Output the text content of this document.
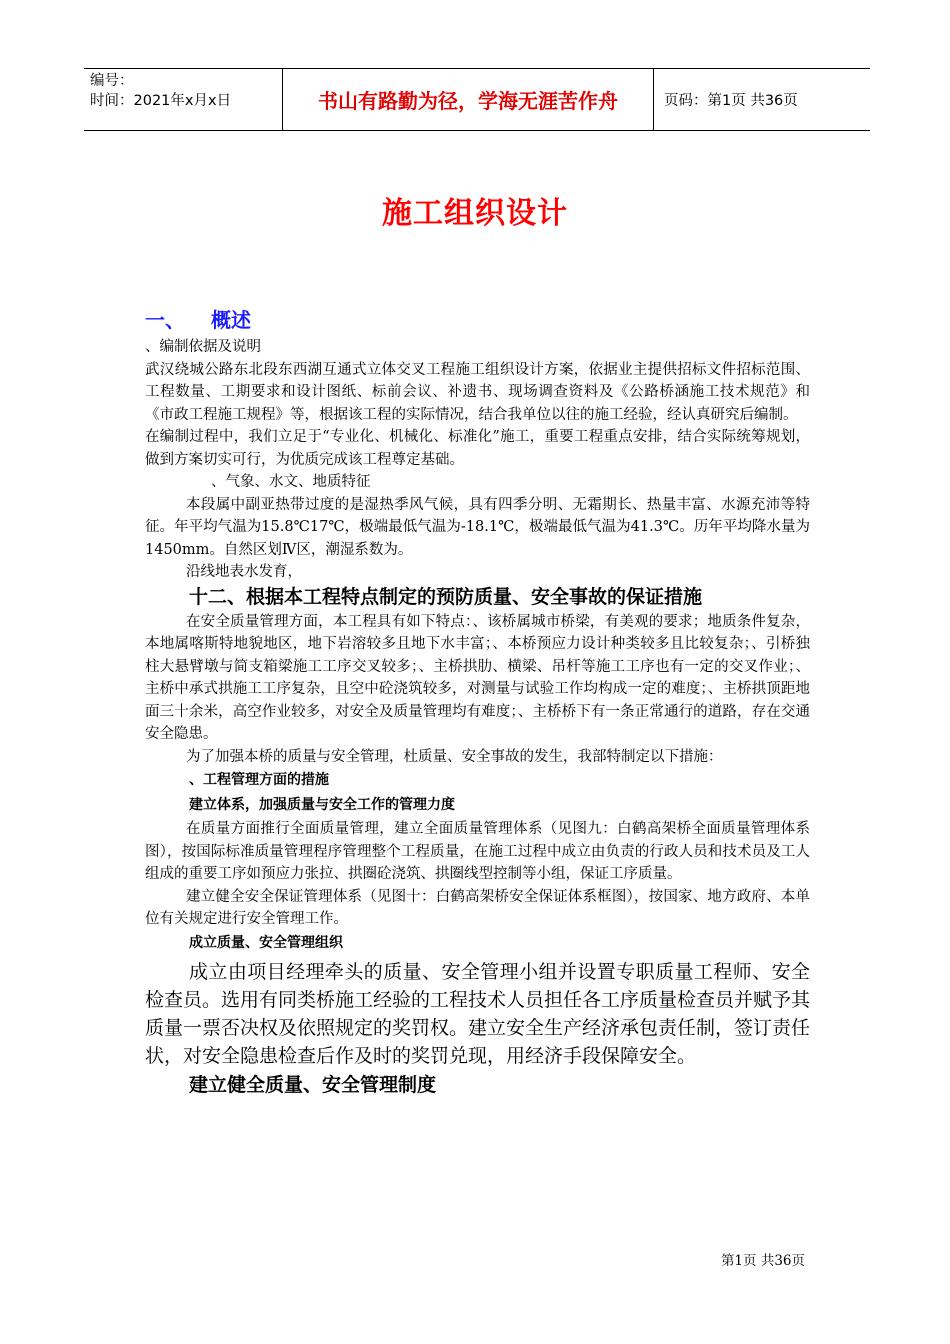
编号：
时间：2021年x月x日	书山有路勤为径，学海无涯苦作舟	页码：第1页 共36页
施工组织设计
一、 概述

、编制依据及说明

武汉绕城公路东北段东西湖互通式立体交叉工程施工组织设计方案，依据业主提供招标文件招标范围、工程数量、工期要求和设计图纸、标前会议、补遗书、现场调查资料及《公路桥涵施工技术规范》和《市政工程施工规程》等，根据该工程的实际情况，结合我单位以往的施工经验，经认真研究后编制。

在编制过程中，我们立足于“专业化、机械化、标准化”施工，重要工程重点安排，结合实际统筹规划，做到方案切实可行，为优质完成该工程尊定基础。

、气象、水文、地质特征

本段属中副亚热带过度的是湿热季风气候，具有四季分明、无霜期长、热量丰富、水源充沛等特征。年平均气温为15.8℃17℃，极端最低气温为-18.1℃，极端最低气温为41.3℃。历年平均降水量为1450mm。自然区划Ⅳ区，潮湿系数为。

沿线地表水发育，

十二、根据本工程特点制定的预防质量、安全事故的保证措施

在安全质量管理方面，本工程具有如下特点：、该桥属城市桥梁，有美观的要求；地质条件复杂，本地属喀斯特地貌地区，地下岩溶较多且地下水丰富；、本桥预应力设计种类较多且比较复杂；、引桥独柱大悬臂墩与简支箱梁施工工序交叉较多；、主桥拱肋、横梁、吊杆等施工工序也有一定的交叉作业；、主桥中承式拱施工工序复杂，且空中砼浇筑较多，对测量与试验工作均构成一定的难度；、主桥拱顶距地面三十余米，高空作业较多，对安全及质量管理均有难度；、主桥桥下有一条正常通行的道路，存在交通安全隐患。

为了加强本桥的质量与安全管理，杜质量、安全事故的发生，我部特制定以下措施：

、工程管理方面的措施

建立体系，加强质量与安全工作的管理力度

在质量方面推行全面质量管理，建立全面质量管理体系（见图九：白鹤高架桥全面质量管理体系图），按国际标准质量管理程序管理整个工程质量，在施工过程中成立由负责的行政人员和技术员及工人组成的重要工序如预应力张拉、拱圈砼浇筑、拱圈线型控制等小组，保证工序质量。

建立健全安全保证管理体系（见图十：白鹤高架桥安全保证体系框图），按国家、地方政府、本单位有关规定进行安全管理工作。

成立质量、安全管理组织

成立由项目经理牵头的质量、安全管理小组并设置专职质量工程师、安全检查员。选用有同类桥施工经验的工程技术人员担任各工序质量检查员并赋予其质量一票否决权及依照规定的奖罚权。建立安全生产经济承包责任制，签订责任状，对安全隐患检查后作及时的奖罚兑现，用经济手段保障安全。

建立健全质量、安全管理制度

第1页 共36页
